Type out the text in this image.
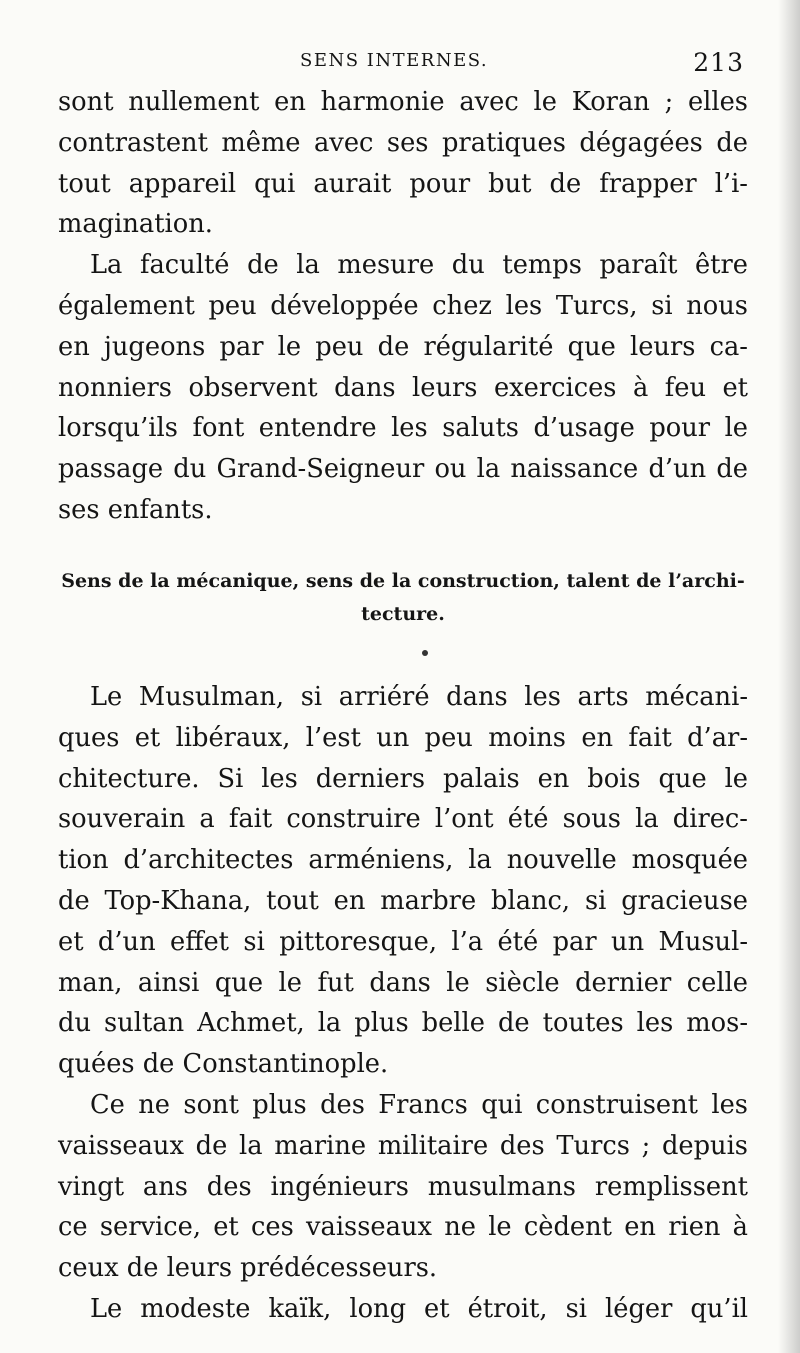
SENS INTERNES.	213

sont nullement en harmonie avec le Koran ; elles
contrastent même avec ses pratiques dégagées de
tout appareil qui aurait pour but de frapper l’i-
magination.

La faculté de la mesure du temps paraît être
également peu développée chez les Turcs, si nous
en jugeons par le peu de régularité que leurs ca-
nonniers observent dans leurs exercices à feu et
lorsqu’ils font entendre les saluts d’usage pour le
passage du Grand-Seigneur ou la naissance d’un de
ses enfants.

Sens de la mécanique, sens de la construction, talent de l’archi-
tecture.

Le Musulman, si arriéré dans les arts mécani-
ques et libéraux, l’est un peu moins en fait d’ar-
chitecture. Si les derniers palais en bois que le
souverain a fait construire l’ont été sous la direc-
tion d’architectes arméniens, la nouvelle mosquée
de Top-Khana, tout en marbre blanc, si gracieuse
et d’un effet si pittoresque, l’a été par un Musul-
man, ainsi que le fut dans le siècle dernier celle
du sultan Achmet, la plus belle de toutes les mos-
quées de Constantinople.

Ce ne sont plus des Francs qui construisent les
vaisseaux de la marine militaire des Turcs ; depuis
vingt ans des ingénieurs musulmans remplissent
ce service, et ces vaisseaux ne le cèdent en rien à
ceux de leurs prédécesseurs.

Le modeste kaïk, long et étroit, si léger qu’il
